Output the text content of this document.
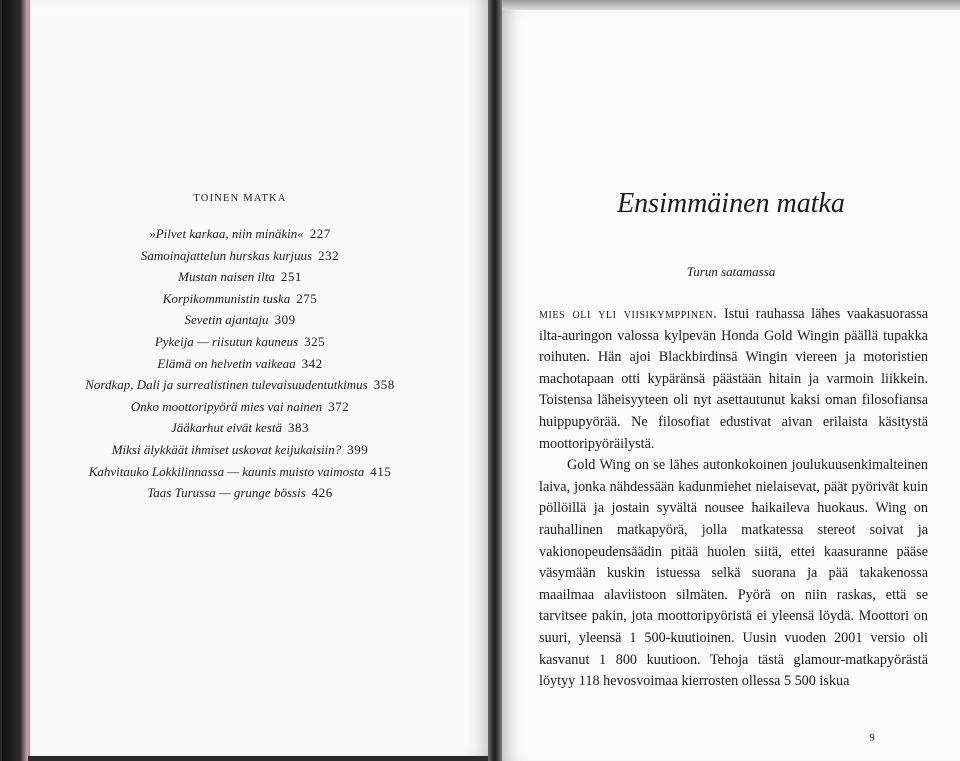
TOINEN MATKA
»Pilvet karkaa, niin minäkin« 227
Samoinajattelun hurskas kurjuus 232
Mustan naisen ilta 251
Korpikommunistin tuska 275
Sevetin ajantaju 309
Pykeija — riisutun kauneus 325
Elämä on helvetin vaikeaa 342
Nordkap, Dali ja surrealistinen tulevaisuudentutkimus 358
Onko moottoripyörä mies vai nainen 372
Jääkarhut eivät kestä 383
Miksi älykkäät ihmiset uskovat keijukaisiin? 399
Kahvitauko Lokkilinnassa — kaunis muisto vaimosta 415
Taas Turussa — grunge bössis 426
Ensimmäinen matka
Turun satamassa

mies oli yli viisikymppinen. Istui rauhassa lähes vaakasuorassa ilta-auringon valossa kylpevän Honda Gold Wingin päällä tupakka roihuten. Hän ajoi Blackbirdinsä Wingin viereen ja motoristien machotapaan otti kypäränsä päästään hitain ja varmoin liikkein. Toistensa läheisyyteen oli nyt asettautunut kaksi oman filosofiansa huippupyörää. Ne filosofiat edustivat aivan erilaista käsitystä moottoripyöräilystä.

Gold Wing on se lähes autonkokoinen joulukuusenkimalteinen laiva, jonka nähdessään kadunmiehet nielaisevat, päät pyörivät kuin pöllöillä ja jostain syvältä nousee haikaileva huokaus. Wing on rauhallinen matkapyörä, jolla matkatessa stereot soivat ja vakionopeudensäädin pitää huolen siitä, ettei kaasuranne pääse väsymään kuskin istuessa selkä suorana ja pää takakenossa maailmaa alaviistoon silmäten. Pyörä on niin raskas, että se tarvitsee pakin, jota moottoripyöristä ei yleensä löydä. Moottori on suuri, yleensä 1 500-kuutioinen. Uusin vuoden 2001 versio oli kasvanut 1 800 kuutioon. Tehoja tästä glamour-matkapyörästä löytyy 118 hevosvoimaa kierrosten ollessa 5 500 iskua

9
